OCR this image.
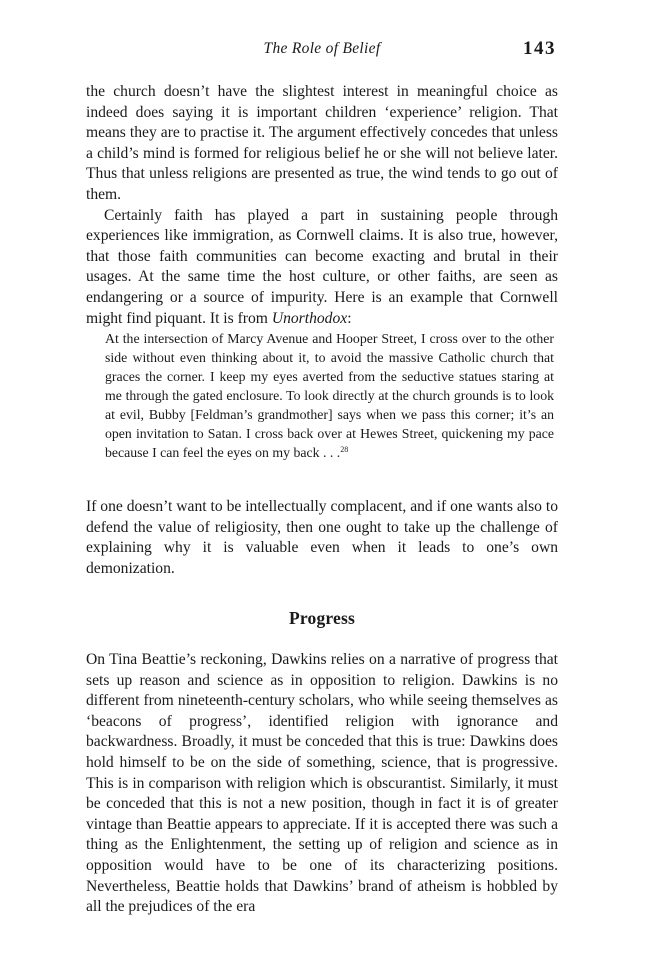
The Role of Belief	143

the church doesn’t have the slightest interest in meaningful choice as indeed does saying it is important children ‘experience’ religion. That means they are to practise it. The argument effectively concedes that unless a child’s mind is formed for religious belief he or she will not believe later. Thus that unless religions are presented as true, the wind tends to go out of them.

Certainly faith has played a part in sustaining people through experiences like immigration, as Cornwell claims. It is also true, however, that those faith communities can become exacting and brutal in their usages. At the same time the host culture, or other faiths, are seen as endangering or a source of impurity. Here is an example that Cornwell might find piquant. It is from Unorthodox:

At the intersection of Marcy Avenue and Hooper Street, I cross over to the other side without even thinking about it, to avoid the massive Catholic church that graces the corner. I keep my eyes averted from the seductive statues staring at me through the gated enclosure. To look directly at the church grounds is to look at evil, Bubby [Feldman’s grandmother] says when we pass this corner; it’s an open invitation to Satan. I cross back over at Hewes Street, quickening my pace because I can feel the eyes on my back . . .$^{28}$

If one doesn’t want to be intellectually complacent, and if one wants also to defend the value of religiosity, then one ought to take up the challenge of explaining why it is valuable even when it leads to one’s own demonization.

Progress

On Tina Beattie’s reckoning, Dawkins relies on a narrative of progress that sets up reason and science as in opposition to religion. Dawkins is no different from nineteenth-century scholars, who while seeing themselves as ‘beacons of progress’, identified religion with ignorance and backwardness. Broadly, it must be conceded that this is true: Dawkins does hold himself to be on the side of something, science, that is progressive. This is in comparison with religion which is obscurantist. Similarly, it must be conceded that this is not a new position, though in fact it is of greater vintage than Beattie appears to appreciate. If it is accepted there was such a thing as the Enlightenment, the setting up of religion and science as in opposition would have to be one of its characterizing positions. Nevertheless, Beattie holds that Dawkins’ brand of atheism is hobbled by all the prejudices of the era
